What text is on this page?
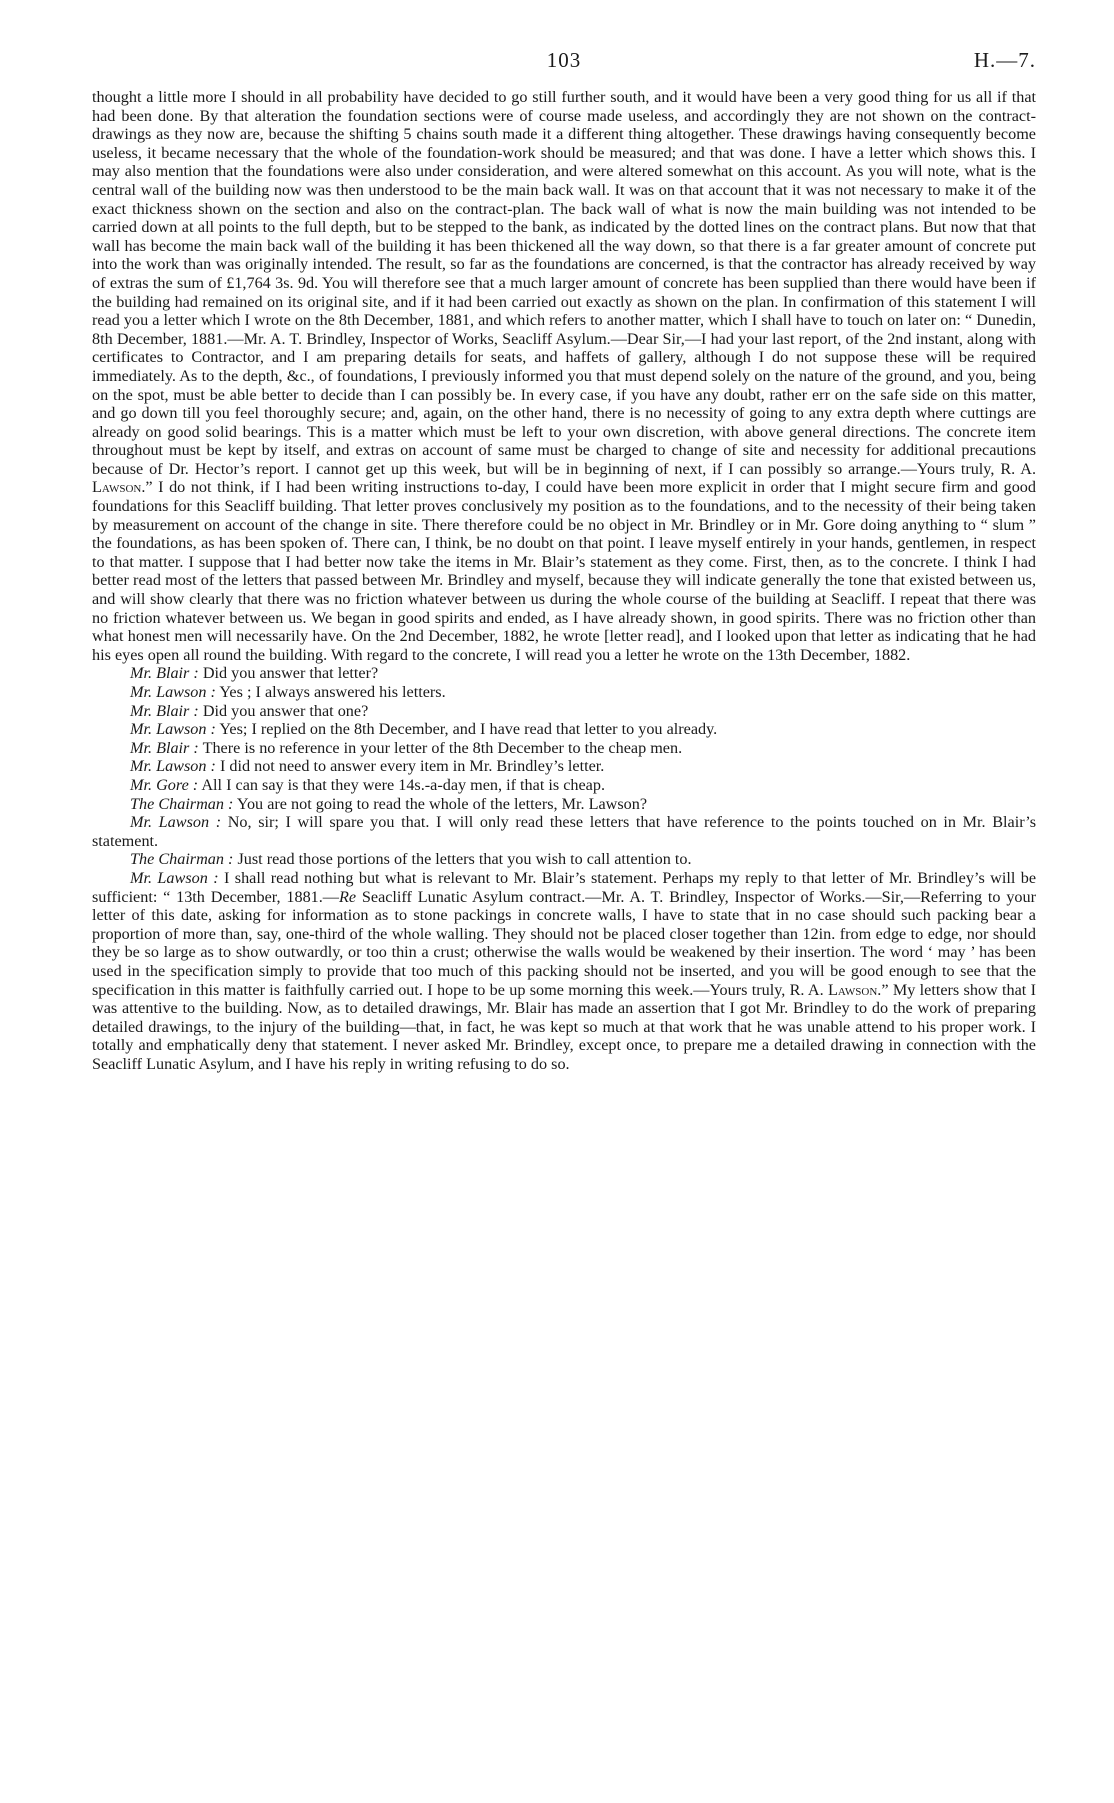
103	H.—7.

thought a little more I should in all probability have decided to go still further south, and it would have been a very good thing for us all if that had been done. By that alteration the foundation sections were of course made useless, and accordingly they are not shown on the contract-drawings as they now are, because the shifting 5 chains south made it a different thing altogether. These drawings having consequently become useless, it became necessary that the whole of the foundation-work should be measured; and that was done. I have a letter which shows this. I may also mention that the foundations were also under consideration, and were altered somewhat on this account. As you will note, what is the central wall of the building now was then understood to be the main back wall. It was on that account that it was not necessary to make it of the exact thickness shown on the section and also on the contract-plan. The back wall of what is now the main building was not intended to be carried down at all points to the full depth, but to be stepped to the bank, as indicated by the dotted lines on the contract plans. But now that that wall has become the main back wall of the building it has been thickened all the way down, so that there is a far greater amount of concrete put into the work than was originally intended. The result, so far as the foundations are concerned, is that the contractor has already received by way of extras the sum of £1,764 3s. 9d. You will therefore see that a much larger amount of concrete has been supplied than there would have been if the building had remained on its original site, and if it had been carried out exactly as shown on the plan. In confirmation of this statement I will read you a letter which I wrote on the 8th December, 1881, and which refers to another matter, which I shall have to touch on later on: “ Dunedin, 8th December, 1881.—Mr. A. T. Brindley, Inspector of Works, Seacliff Asylum.—Dear Sir,—I had your last report, of the 2nd instant, along with certificates to Contractor, and I am preparing details for seats, and haffets of gallery, although I do not suppose these will be required immediately. As to the depth, &c., of foundations, I previously informed you that must depend solely on the nature of the ground, and you, being on the spot, must be able better to decide than I can possibly be. In every case, if you have any doubt, rather err on the safe side on this matter, and go down till you feel thoroughly secure; and, again, on the other hand, there is no necessity of going to any extra depth where cuttings are already on good solid bearings. This is a matter which must be left to your own discretion, with above general directions. The concrete item throughout must be kept by itself, and extras on account of same must be charged to change of site and necessity for additional precautions because of Dr. Hector’s report. I cannot get up this week, but will be in beginning of next, if I can possibly so arrange.—Yours truly, R. A. Lawson.” I do not think, if I had been writing instructions to-day, I could have been more explicit in order that I might secure firm and good foundations for this Seacliff building. That letter proves conclusively my position as to the foundations, and to the necessity of their being taken by measurement on account of the change in site. There therefore could be no object in Mr. Brindley or in Mr. Gore doing anything to “ slum ” the foundations, as has been spoken of. There can, I think, be no doubt on that point. I leave myself entirely in your hands, gentlemen, in respect to that matter. I suppose that I had better now take the items in Mr. Blair’s statement as they come. First, then, as to the concrete. I think I had better read most of the letters that passed between Mr. Brindley and myself, because they will indicate generally the tone that existed between us, and will show clearly that there was no friction whatever between us during the whole course of the building at Seacliff. I repeat that there was no friction whatever between us. We began in good spirits and ended, as I have already shown, in good spirits. There was no friction other than what honest men will necessarily have. On the 2nd December, 1882, he wrote [letter read], and I looked upon that letter as indicating that he had his eyes open all round the building. With regard to the concrete, I will read you a letter he wrote on the 13th December, 1882.

Mr. Blair : Did you answer that letter?

Mr. Lawson : Yes ; I always answered his letters.

Mr. Blair : Did you answer that one?

Mr. Lawson : Yes; I replied on the 8th December, and I have read that letter to you already.

Mr. Blair : There is no reference in your letter of the 8th December to the cheap men.

Mr. Lawson : I did not need to answer every item in Mr. Brindley’s letter.

Mr. Gore : All I can say is that they were 14s.-a-day men, if that is cheap.

The Chairman : You are not going to read the whole of the letters, Mr. Lawson?

Mr. Lawson : No, sir; I will spare you that. I will only read these letters that have reference to the points touched on in Mr. Blair’s statement.

The Chairman : Just read those portions of the letters that you wish to call attention to.

Mr. Lawson : I shall read nothing but what is relevant to Mr. Blair’s statement. Perhaps my reply to that letter of Mr. Brindley’s will be sufficient: “ 13th December, 1881.—Re Seacliff Lunatic Asylum contract.—Mr. A. T. Brindley, Inspector of Works.—Sir,—Referring to your letter of this date, asking for information as to stone packings in concrete walls, I have to state that in no case should such packing bear a proportion of more than, say, one-third of the whole walling. They should not be placed closer together than 12in. from edge to edge, nor should they be so large as to show outwardly, or too thin a crust; otherwise the walls would be weakened by their insertion. The word ‘ may ’ has been used in the specification simply to provide that too much of this packing should not be inserted, and you will be good enough to see that the specification in this matter is faithfully carried out. I hope to be up some morning this week.—Yours truly, R. A. Lawson.” My letters show that I was attentive to the building. Now, as to detailed drawings, Mr. Blair has made an assertion that I got Mr. Brindley to do the work of preparing detailed drawings, to the injury of the building—that, in fact, he was kept so much at that work that he was unable attend to his proper work. I totally and emphatically deny that statement. I never asked Mr. Brindley, except once, to prepare me a detailed drawing in connection with the Seacliff Lunatic Asylum, and I have his reply in writing refusing to do so.
